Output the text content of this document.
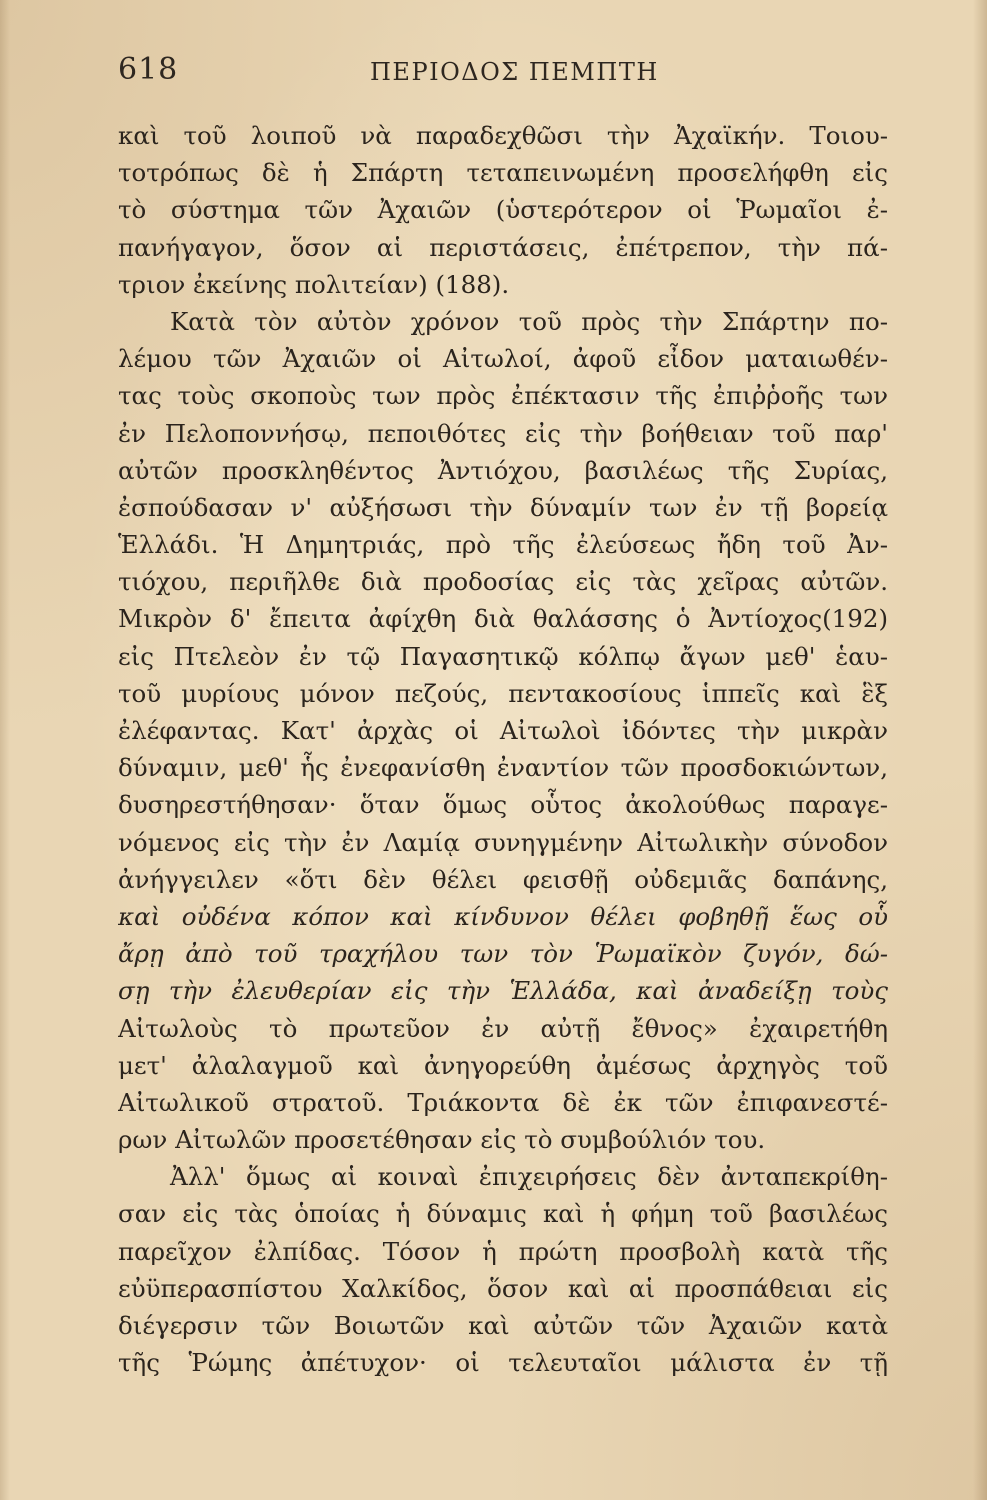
618	ΠΕΡΙΟΔΟΣ ΠΕΜΠΤΗ
καὶ τοῦ λοιποῦ νὰ παραδεχθῶσι τὴν Ἀχαϊκήν. Τοιου-
τοτρόπως δὲ ἡ Σπάρτη τεταπεινωμένη προσελήφθη εἰς
τὸ σύστημα τῶν Ἀχαιῶν (ὑστερότερον οἱ Ῥωμαῖοι ἐ-
πανήγαγον, ὅσον αἱ περιστάσεις, ἐπέτρεπον, τὴν πά-
τριον ἐκείνης πολιτείαν) (188).
Κατὰ τὸν αὐτὸν χρόνον τοῦ πρὸς τὴν Σπάρτην πο-
λέμου τῶν Ἀχαιῶν οἱ Αἰτωλοί, ἀφοῦ εἶδον ματαιωθέν-
τας τοὺς σκοποὺς των πρὸς ἐπέκτασιν τῆς ἐπιῤῥοῆς των
ἐν Πελοποννήσῳ, πεποιθότες εἰς τὴν βοήθειαν τοῦ παρ'
αὐτῶν προσκληθέντος Ἀντιόχου, βασιλέως τῆς Συρίας,
ἐσπούδασαν ν' αὐξήσωσι τὴν δύναμίν των ἐν τῇ βορείᾳ
Ἑλλάδι. Ἡ Δημητριάς, πρὸ τῆς ἐλεύσεως ἤδη τοῦ Ἀν-
τιόχου, περιῆλθε διὰ προδοσίας εἰς τὰς χεῖρας αὐτῶν.
Μικρὸν δ' ἔπειτα ἀφίχθη διὰ θαλάσσης ὁ Ἀντίοχος(192)
εἰς Πτελεὸν ἐν τῷ Παγασητικῷ κόλπῳ ἄγων μεθ' ἑαυ-
τοῦ μυρίους μόνον πεζούς, πεντακοσίους ἱππεῖς καὶ ἓξ
ἐλέφαντας. Κατ' ἀρχὰς οἱ Αἰτωλοὶ ἰδόντες τὴν μικρὰν
δύναμιν, μεθ' ἧς ἐνεφανίσθη ἐναντίον τῶν προσδοκιώντων,
δυσηρεστήθησαν· ὅταν ὅμως οὗτος ἀκολούθως παραγε-
νόμενος εἰς τὴν ἐν Λαμίᾳ συνηγμένην Αἰτωλικὴν σύνοδον
ἀνήγγειλεν «ὅτι δὲν θέλει φεισθῇ οὐδεμιᾶς δαπάνης,
καὶ οὐδένα κόπον καὶ κίνδυνον θέλει φοβηθῇ ἕως οὗ
ἄρῃ ἀπὸ τοῦ τραχήλου των τὸν Ῥωμαϊκὸν ζυγόν, δώ-
σῃ τὴν ἐλευθερίαν εἰς τὴν Ἑλλάδα, καὶ ἀναδείξῃ τοὺς
Αἰτωλοὺς τὸ πρωτεῦον ἐν αὐτῇ ἔθνος» ἐχαιρετήθη
μετ' ἀλαλαγμοῦ καὶ ἀνηγορεύθη ἀμέσως ἀρχηγὸς τοῦ
Αἰτωλικοῦ στρατοῦ. Τριάκοντα δὲ ἐκ τῶν ἐπιφανεστέ-
ρων Αἰτωλῶν προσετέθησαν εἰς τὸ συμβούλιόν του.
Ἀλλ' ὅμως αἱ κοιναὶ ἐπιχειρήσεις δὲν ἀνταπεκρίθη-
σαν εἰς τὰς ὁποίας ἡ δύναμις καὶ ἡ φήμη τοῦ βασιλέως
παρεῖχον ἐλπίδας. Τόσον ἡ πρώτη προσβολὴ κατὰ τῆς
εὐϋπερασπίστου Χαλκίδος, ὅσον καὶ αἱ προσπάθειαι εἰς
διέγερσιν τῶν Βοιωτῶν καὶ αὐτῶν τῶν Ἀχαιῶν κατὰ
τῆς Ῥώμης ἀπέτυχον· οἱ τελευταῖοι μάλιστα ἐν τῇ
